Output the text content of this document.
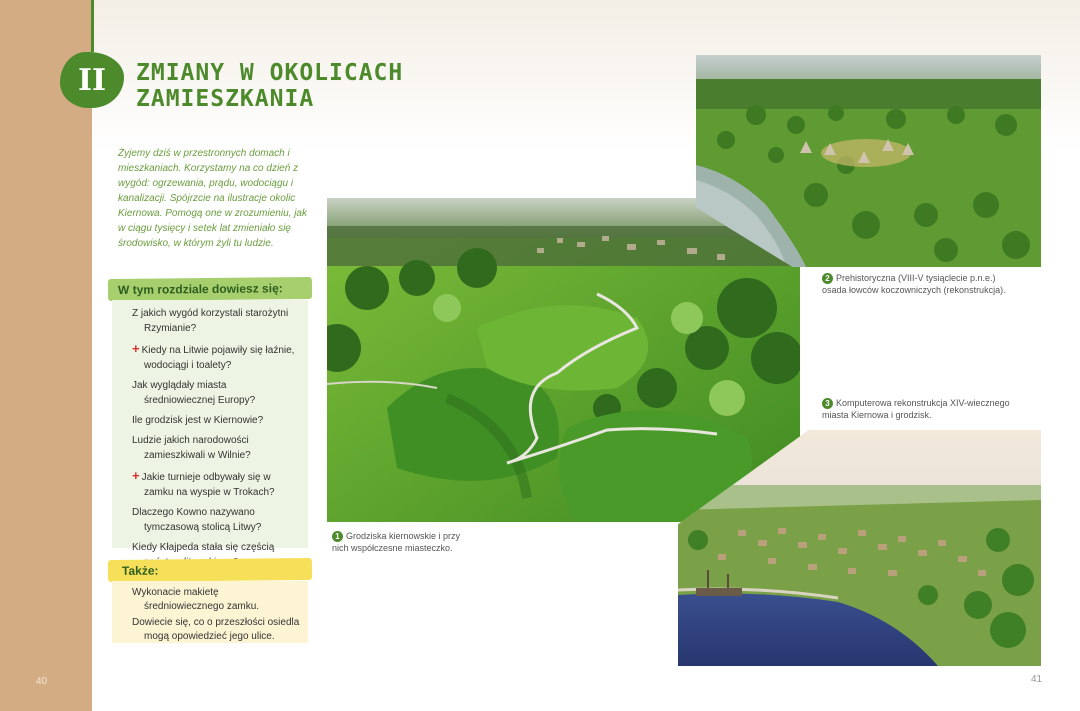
II	ZMIANY W OKOLICACH
ZAMIESZKANIA

Żyjemy dziś w przestronnych domach i mieszkaniach. Korzystamy na co dzień z wygód: ogrzewania, prądu, wodociągu i kanalizacji. Spójrzcie na ilustracje okolic Kiernowa. Pomogą one w zrozumieniu, jak w ciągu tysięcy i setek lat zmieniało się środowisko, w którym żyli tu ludzie.

W tym rozdziale dowiesz się:
Z jakich wygód korzystali starożytni Rzymianie?
+ Kiedy na Litwie pojawiły się łaźnie, wodociągi i toalety?
Jak wyglądały miasta średniowiecznej Europy?
Ile grodzisk jest w Kiernowie?
Ludzie jakich narodowości zamieszkiwali w Wilnie?
+ Jakie turnieje odbywały się w zamku na wyspie w Trokach?
Dlaczego Kowno nazywano tymczasową stolicą Litwy?
Kiedy Kłajpeda stała się częścią
Także:

Wykonacie makietę średniowiecznego zamku.

Dowiecie się, co o przeszłości osiedla mogą opowiedzieć jego ulice.

1 Grodziska kiernowskie i przy nich współczesne miasteczko.

2 Prehistoryczna (VIII-V tysiąclecie p.n.e.) osada łowców koczowniczych (rekonstrukcja).

3 Komputerowa rekonstrukcja XIV-wiecznego miasta Kiernowa i grodzisk.

40	41
